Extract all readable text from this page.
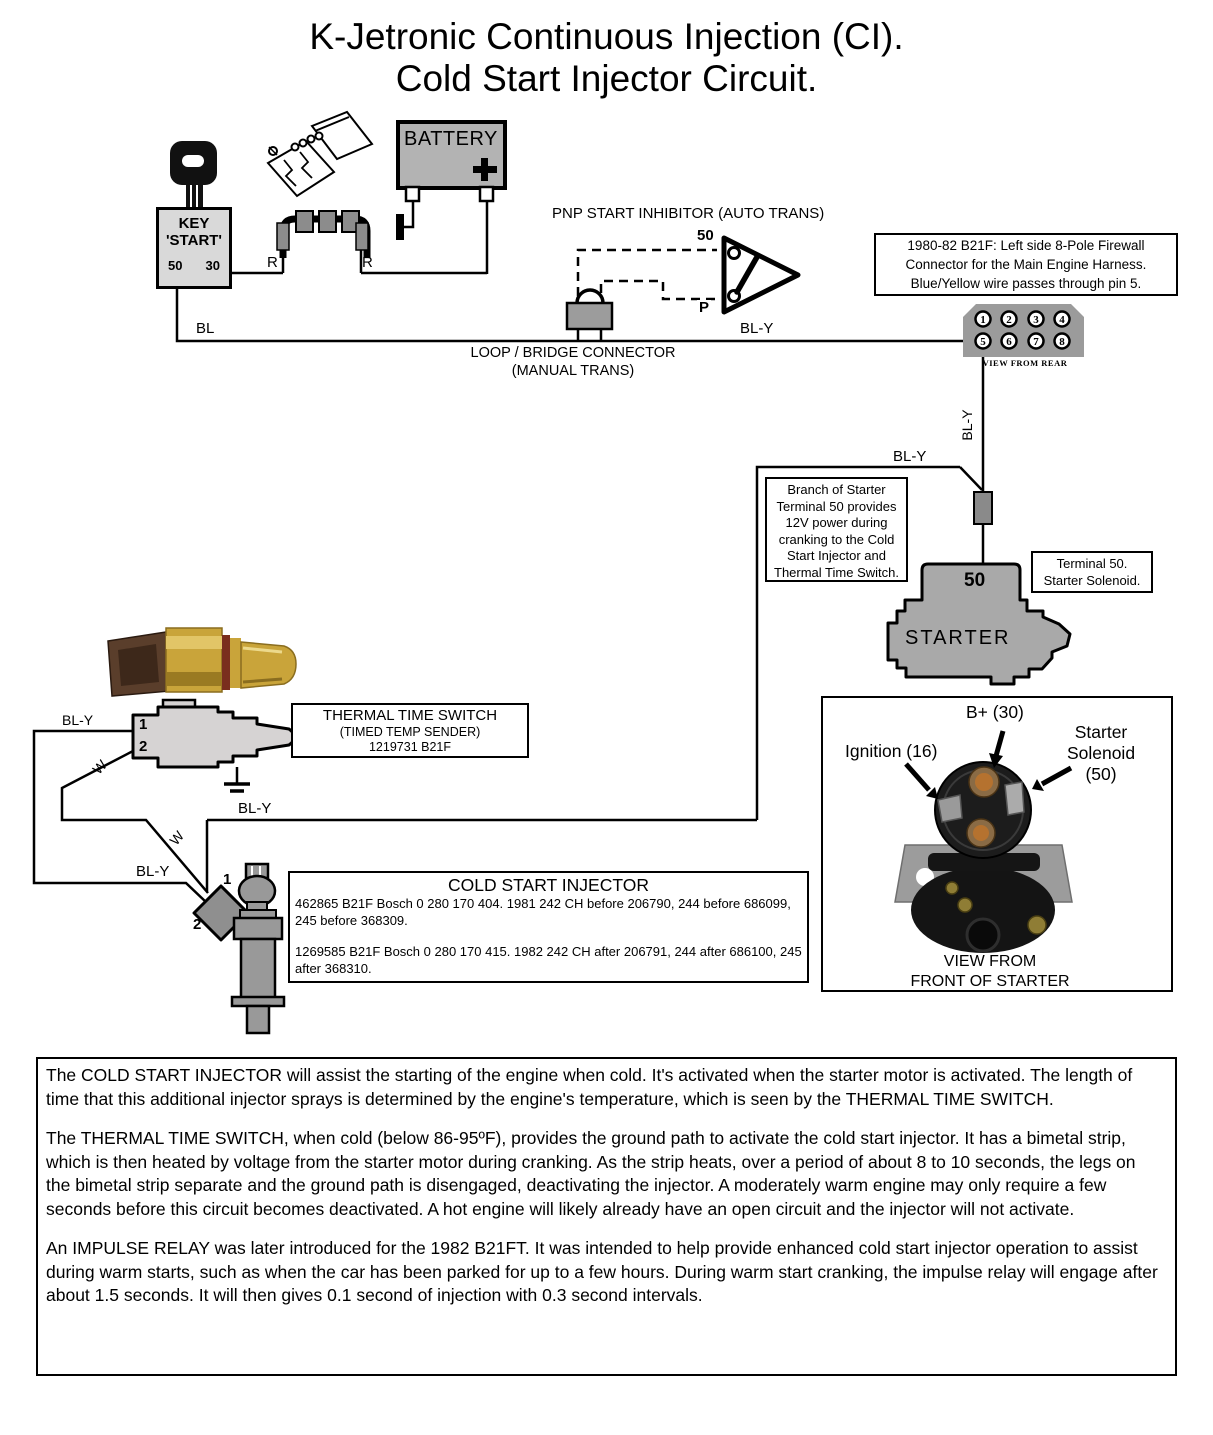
1 2 3 4
5 6 7 8
K-Jetronic Continuous Injection (CI).
Cold Start Injector Circuit.
KEY
'START'
50 30
BATTERY
R	R
BL
PNP START INHIBITOR (AUTO TRANS)
50
P
BL-Y
LOOP / BRIDGE CONNECTOR
(MANUAL TRANS)
1980-82 B21F: Left side 8-Pole Firewall
Connector for the Main Engine Harness.
Blue/Yellow wire passes through pin 5.
VIEW FROM REAR
BL-Y
BL-Y
Branch of Starter
Terminal 50 provides
12V power during
cranking to the Cold
Start Injector and
Thermal Time Switch.
Terminal 50.
Starter Solenoid.
50
STARTER
B+ (30)
Ignition (16)
Starter
Solenoid
(50)
VIEW FROM
FRONT OF STARTER
THERMAL TIME SWITCH
(TIMED TEMP SENDER)
1219731 B21F
BL-Y	1
2
W
BL-Y
W
BL-Y	1
2
COLD START INJECTOR

462865 B21F Bosch 0 280 170 404. 1981 242 CH before 206790, 244 before 686099, 245 before 368309.

1269585 B21F Bosch 0 280 170 415. 1982 242 CH after 206791, 244 after 686100, 245 after 368310.

The COLD START INJECTOR will assist the starting of the engine when cold. It's activated when the starter motor is activated. The length of time that this additional injector sprays is determined by the engine's temperature, which is seen by the THERMAL TIME SWITCH.

The THERMAL TIME SWITCH, when cold (below 86-95ºF), provides the ground path to activate the cold start injector. It has a bimetal strip, which is then heated by voltage from the starter motor during cranking. As the strip heats, over a period of about 8 to 10 seconds, the legs on the bimetal strip separate and the ground path is disengaged, deactivating the injector. A moderately warm engine may only require a few seconds before this circuit becomes deactivated. A hot engine will likely already have an open circuit and the injector will not activate.

An IMPULSE RELAY was later introduced for the 1982 B21FT. It was intended to help provide enhanced cold start injector operation to assist during warm starts, such as when the car has been parked for up to a few hours. During warm start cranking, the impulse relay will engage after about 1.5 seconds. It will then gives 0.1 second of injection with 0.3 second intervals.
